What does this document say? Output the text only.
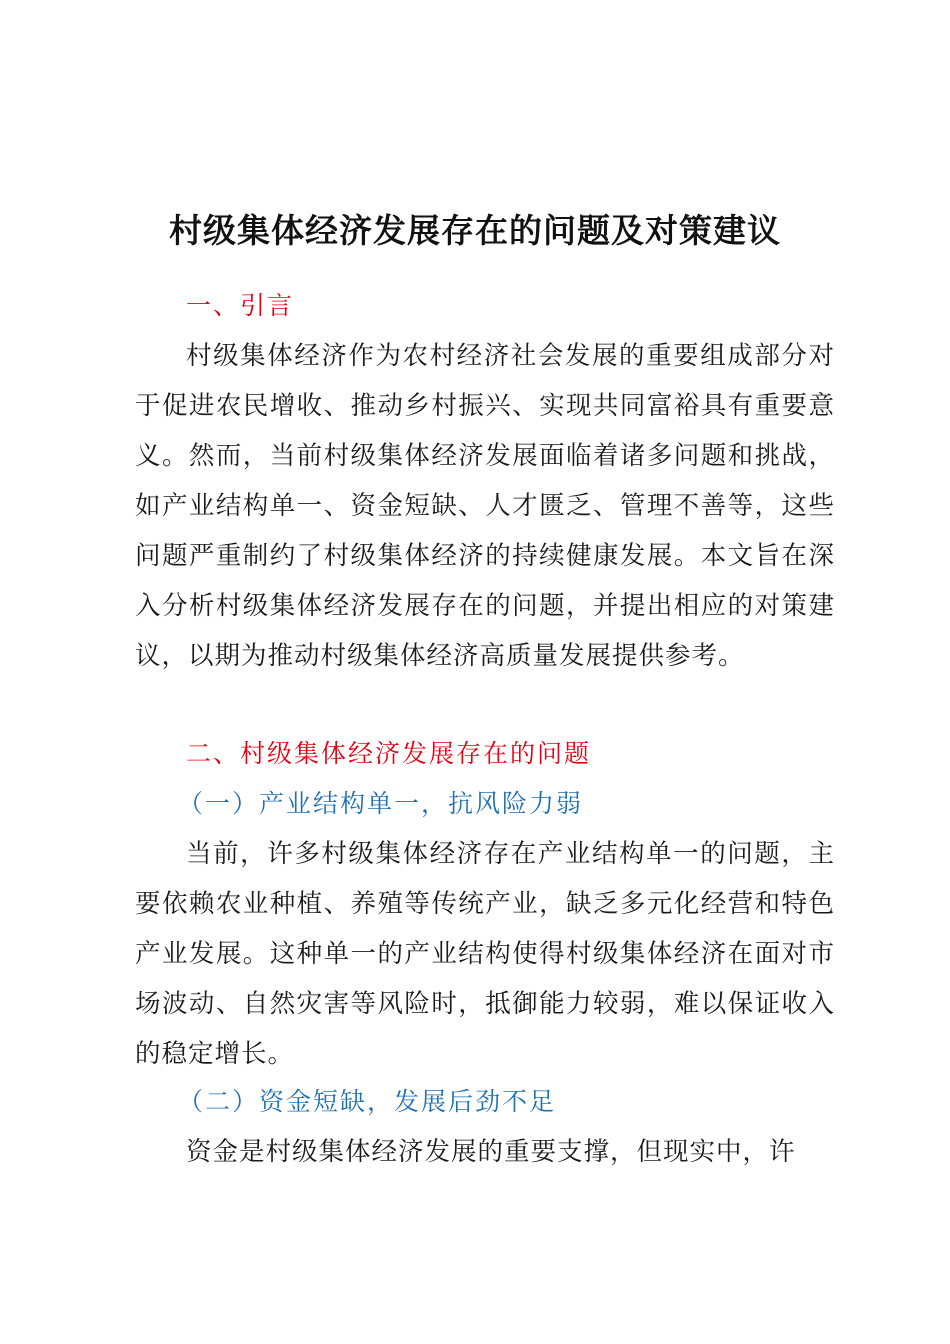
村级集体经济发展存在的问题及对策建议
一、引言
村级集体经济作为农村经济社会发展的重要组成部分对于促进农民增收、推动乡村振兴、实现共同富裕具有重要意义。然而，当前村级集体经济发展面临着诸多问题和挑战，如产业结构单一、资金短缺、人才匮乏、管理不善等，这些问题严重制约了村级集体经济的持续健康发展。本文旨在深入分析村级集体经济发展存在的问题，并提出相应的对策建议，以期为推动村级集体经济高质量发展提供参考。
二、村级集体经济发展存在的问题
（一）产业结构单一，抗风险力弱
当前，许多村级集体经济存在产业结构单一的问题，主要依赖农业种植、养殖等传统产业，缺乏多元化经营和特色产业发展。这种单一的产业结构使得村级集体经济在面对市场波动、自然灾害等风险时，抵御能力较弱，难以保证收入的稳定增长。
（二）资金短缺，发展后劲不足
资金是村级集体经济发展的重要支撑，但现实中，许
